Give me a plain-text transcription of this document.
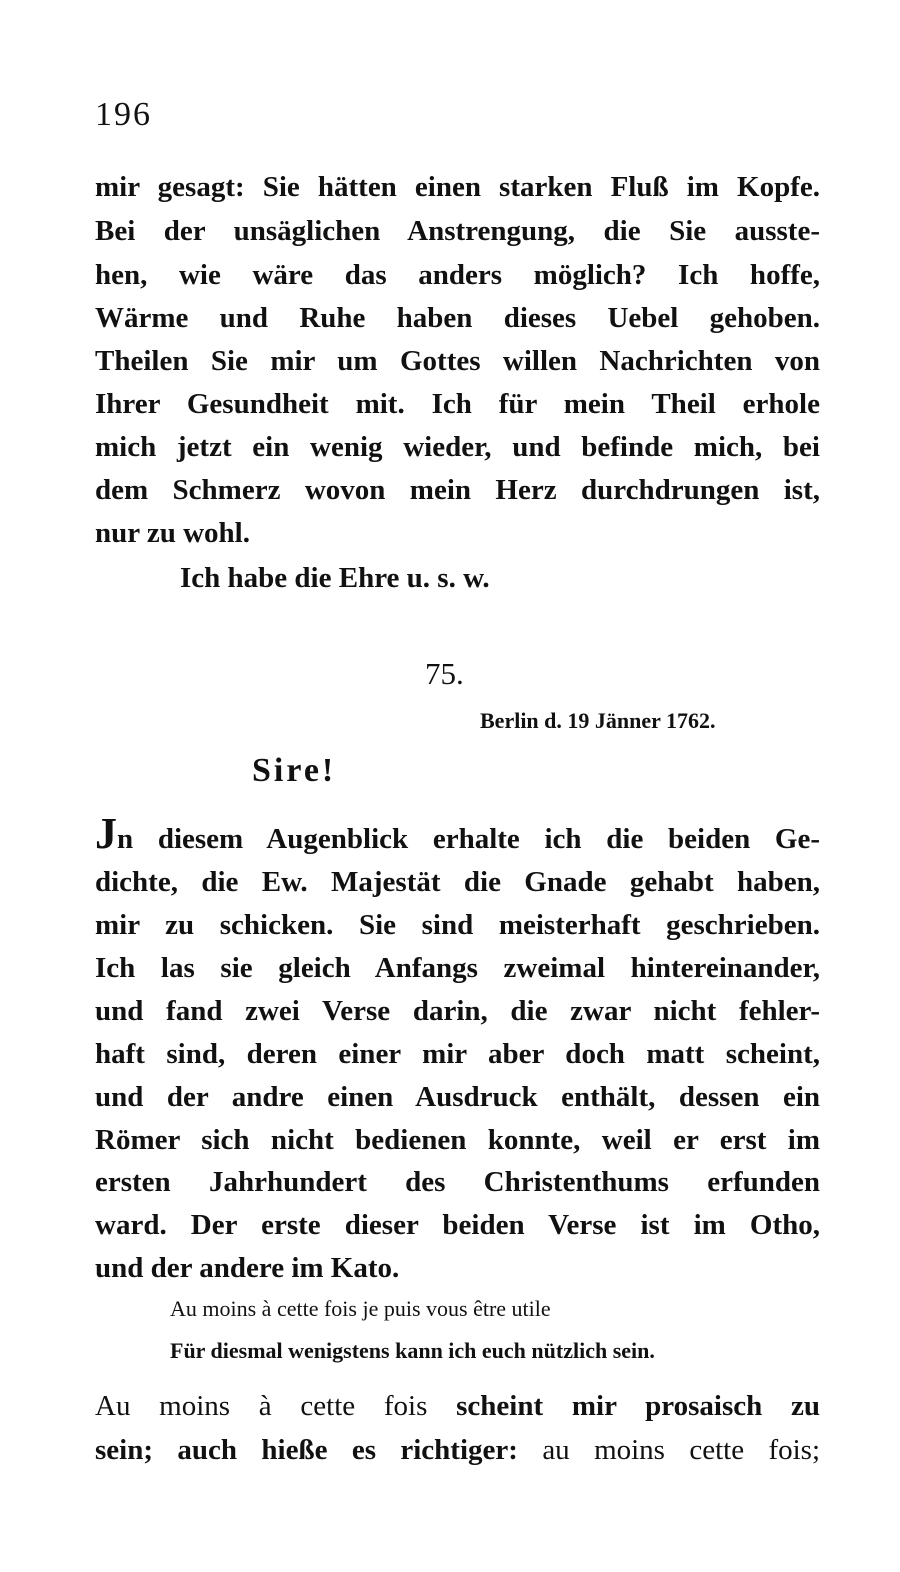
196
mir gesagt: Sie hätten einen starken Fluß im Kopfe.
Bei der unsäglichen Anstrengung, die Sie ausste-
hen, wie wäre das anders möglich? Ich hoffe,
Wärme und Ruhe haben dieses Uebel gehoben.
Theilen Sie mir um Gottes willen Nachrichten von
Ihrer Gesundheit mit. Ich für mein Theil erhole
mich jetzt ein wenig wieder, und befinde mich, bei
dem Schmerz wovon mein Herz durchdrungen ist,
nur zu wohl.
Ich habe die Ehre u. s. w.
75.
Berlin d. 19 Jänner 1762.
Sire!
Jn diesem Augenblick erhalte ich die beiden Ge-
dichte, die Ew. Majestät die Gnade gehabt haben,
mir zu schicken. Sie sind meisterhaft geschrieben.
Ich las sie gleich Anfangs zweimal hintereinander,
und fand zwei Verse darin, die zwar nicht fehler-
haft sind, deren einer mir aber doch matt scheint,
und der andre einen Ausdruck enthält, dessen ein
Römer sich nicht bedienen konnte, weil er erst im
ersten Jahrhundert des Christenthums erfunden
ward. Der erste dieser beiden Verse ist im Otho,
und der andere im Kato.
Au moins à cette fois je puis vous être utile
Für diesmal wenigstens kann ich euch nützlich sein.
Au moins à cette fois scheint mir prosaisch zu
sein; auch hieße es richtiger: au moins cette fois;
